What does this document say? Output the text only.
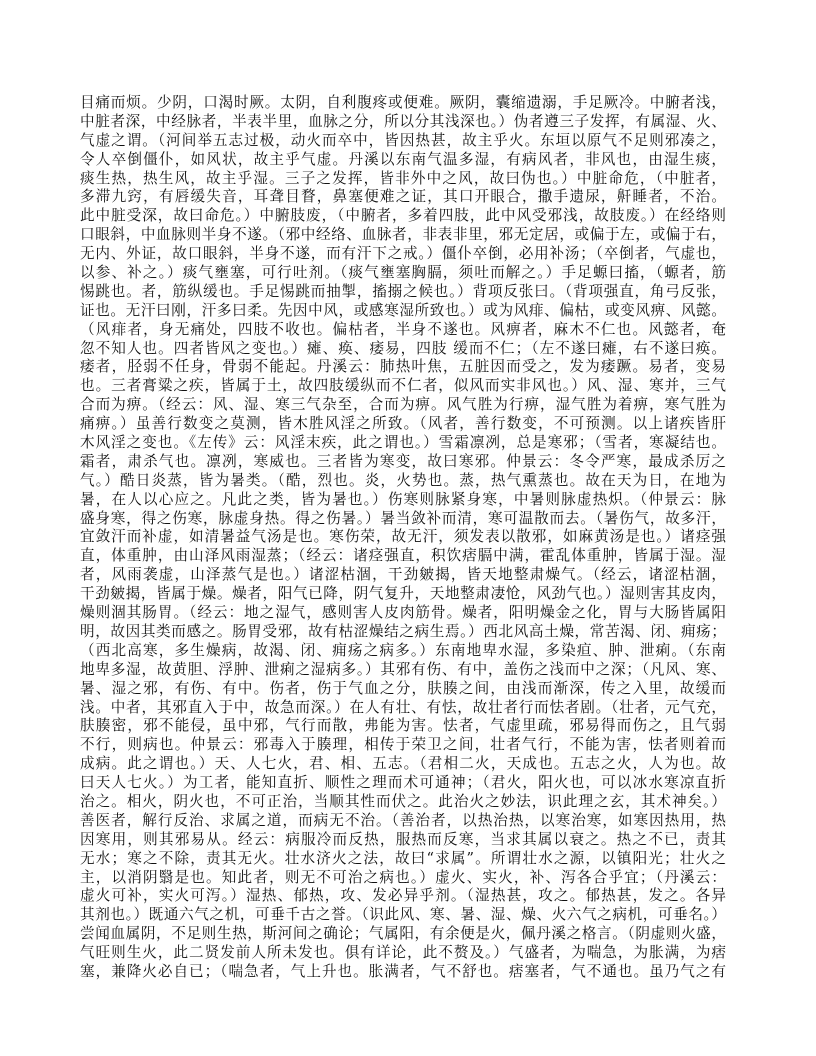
目痛而烦。少阴，口渴时厥。太阴，自利腹疼或便难。厥阴，囊缩遗溺，手足厥冷。中腑者浅，
中脏者深，中经脉者，半表半里，血脉之分，所以分其浅深也。）伪者遵三子发挥，有属湿、火、
气虚之谓。（河间举五志过极，动火而卒中，皆因热甚，故主乎火。东垣以原气不足则邪凑之，
令人卒倒僵仆，如风状，故主乎气虚。丹溪以东南气温多湿，有病风者，非风也，由湿生痰，
痰生热，热生风，故主乎湿。三子之发挥，皆非外中之风，故曰伪也。）中脏命危，（中脏者，
多滞九窍，有唇缓失音，耳聋目瞀，鼻塞便难之证，其口开眼合，撒手遗尿，鼾睡者，不治。
此中脏受深，故曰命危。）中腑肢废，（中腑者，多着四肢，此中风受邪浅，故肢废。）在经络则
口眼斜，中血脉则半身不遂。（邪中经络、血脉者，非表非里，邪无定居，或偏于左，或偏于右，
无内、外证，故口眼斜，半身不遂，而有汗下之戒。）僵仆卒倒，必用补汤；（卒倒者，气虚也，
以参、补之。）痰气壅塞，可行吐剂。（痰气壅塞胸膈，须吐而解之。）手足螈曰搐，（螈者，筋
惕跳也。者，筋纵缓也。手足惕跳而抽掣，搐搦之候也。）背项反张曰。（背项强直，角弓反张，
证也。无汗曰刚，汗多曰柔。先因中风，或感寒湿所致也。）或为风痱、偏枯，或变风痹、风懿。
（风痱者，身无痛处，四肢不收也。偏枯者，半身不遂也。风痹者，麻木不仁也。风懿者，奄
忽不知人也。四者皆风之变也。）瘫、痪、痿易，四肢 缓而不仁；（左不遂曰瘫，右不遂曰痪。
痿者，胫弱不任身，骨弱不能起。丹溪云：肺热叶焦，五脏因而受之，发为痿蹶。易者，变易
也。三者膏粱之疾，皆属于土，故四肢缓纵而不仁者，似风而实非风也。）风、湿、寒并，三气
合而为痹。（经云：风、湿、寒三气杂至，合而为痹。风气胜为行痹，湿气胜为着痹，寒气胜为
痛痹。）虽善行数变之莫测，皆木胜风淫之所致。（风者，善行数变，不可预测。以上诸疾皆肝
木风淫之变也。《左传》云：风淫末疾，此之谓也。）雪霜凛冽，总是寒邪；（雪者，寒凝结也。
霜者，肃杀气也。凛冽，寒威也。三者皆为寒变，故曰寒邪。仲景云：冬令严寒，最成杀厉之
气。）酷日炎蒸，皆为暑类。（酷，烈也。炎，火势也。蒸，热气熏蒸也。故在天为日，在地为
暑，在人以心应之。凡此之类，皆为暑也。）伤寒则脉紧身寒，中暑则脉虚热炽。（仲景云：脉
盛身寒，得之伤寒，脉虚身热。得之伤暑。）暑当敛补而清，寒可温散而去。（暑伤气，故多汗，
宜敛汗而补虚，如清暑益气汤是也。寒伤荣，故无汗，须发表以散邪，如麻黄汤是也。）诸痉强
直，体重肿，由山泽风雨湿蒸；（经云：诸痉强直，积饮痞膈中满，霍乱体重肿，皆属于湿。湿
者，风雨袭虚，山泽蒸气是也。）诸涩枯涸，干劲皴揭，皆天地整肃燥气。（经云，诸涩枯涸，
干劲皴揭，皆属于燥。燥者，阳气已降，阴气复升，天地整肃凄怆，风劲气也。）湿则害其皮肉，
燥则涸其肠胃。（经云：地之湿气，感则害人皮肉筋骨。燥者，阳明燥金之化，胃与大肠皆属阳
明，故因其类而感之。肠胃受邪，故有枯涩燥结之病生焉。）西北风高土燥，常苦渴、闭、痈疡；
（西北高寒，多生燥病，故渴、闭、痈疡之病多。）东南地卑水湿，多染疸、肿、泄痢。（东南
地卑多湿，故黄胆、浮肿、泄痢之湿病多。）其邪有伤、有中，盖伤之浅而中之深；（凡风、寒、
暑、湿之邪，有伤、有中。伤者，伤于气血之分，肤腠之间，由浅而渐深，传之入里，故缓而
浅。中者，其邪直入于中，故急而深。）在人有壮、有怯，故壮者行而怯者剧。（壮者，元气充，
肤腠密，邪不能侵，虽中邪，气行而散，弗能为害。怯者，气虚里疏，邪易得而伤之，且气弱
不行，则病也。仲景云：邪毒入于腠理，相传于荣卫之间，壮者气行，不能为害，怯者则着而
成病。此之谓也。）天、人七火，君、相、五志。（君相二火，天成也。五志之火，人为也。故
曰天人七火。）为工者，能知直折、顺性之理而术可通神；（君火，阳火也，可以冰水寒凉直折
治之。相火，阴火也，不可正治，当顺其性而伏之。此治火之妙法，识此理之玄，其术神矣。）
善医者，解行反治、求属之道，而病无不治。（善治者，以热治热，以寒治寒，如寒因热用，热
因寒用，则其邪易从。经云：病服冷而反热，服热而反寒，当求其属以衰之。热之不已，责其
无水；寒之不除，责其无火。壮水济火之法，故曰“求属”。所谓壮水之源，以镇阳光；壮火之
主，以消阴翳是也。知此者，则无不可治之病也。）虚火、实火，补、泻各合乎宜；（丹溪云：
虚火可补，实火可泻。）湿热、郁热，攻、发必异乎剂。（湿热甚，攻之。郁热甚，发之。各异
其剂也。）既通六气之机，可垂千古之誉。（识此风、寒、暑、湿、燥、火六气之病机，可垂名。）
尝闻血属阴，不足则生热，斯河间之确论；气属阳，有余便是火，佩丹溪之格言。（阴虚则火盛，
气旺则生火，此二贤发前人所未发也。俱有详论，此不赘及。）气盛者，为喘急，为胀满，为痞
塞，兼降火必自已；（喘急者，气上升也。胀满者，气不舒也。痞塞者，气不通也。虽乃气之有
